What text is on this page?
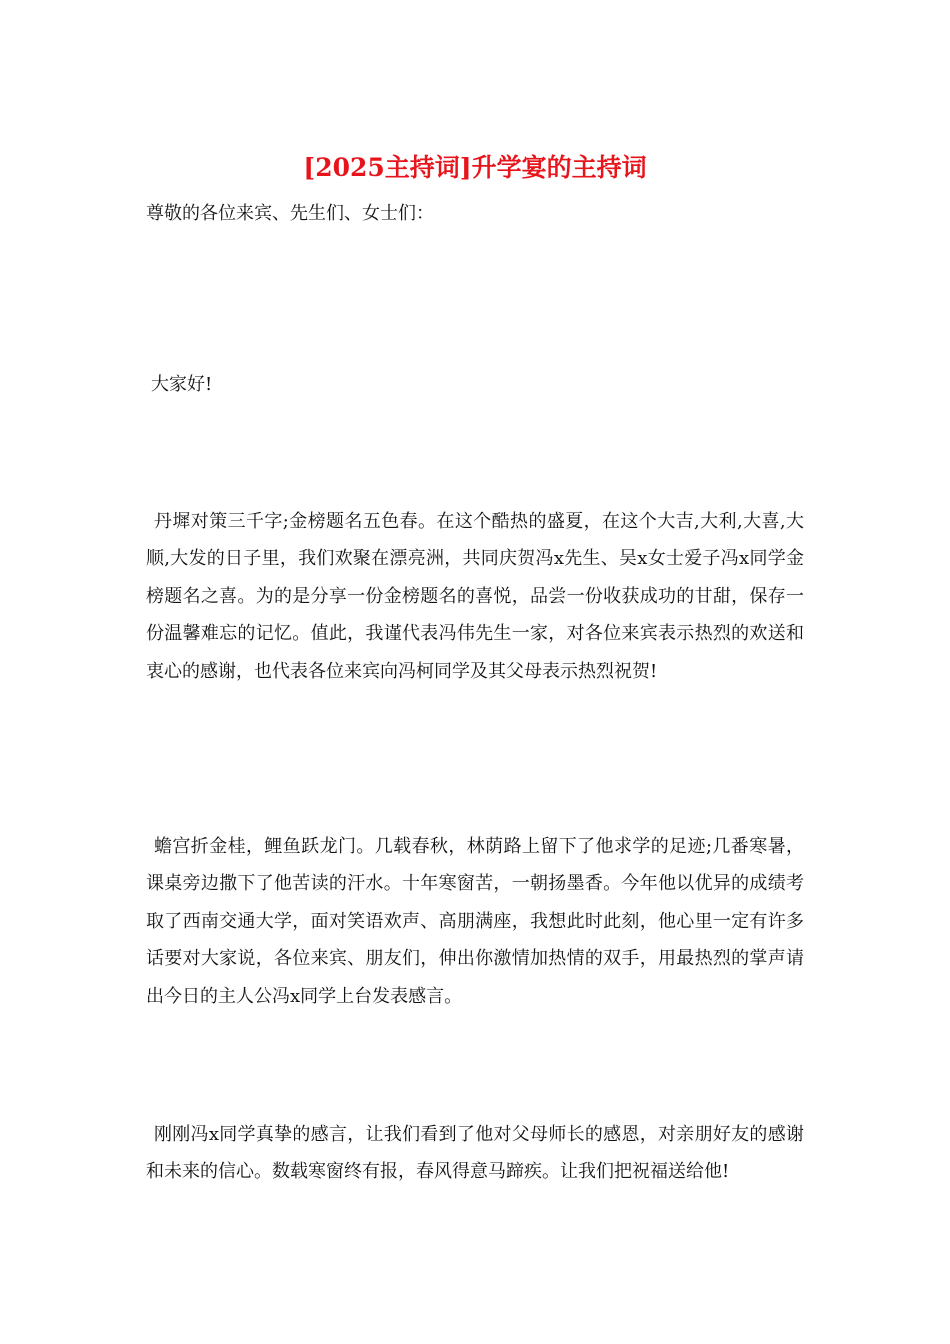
[2025主持词]升学宴的主持词

尊敬的各位来宾、先生们、女士们：

大家好!

丹墀对策三千字;金榜题名五色春。在这个酷热的盛夏，在这个大吉,大利,大喜,大顺,大发的日子里，我们欢聚在漂亮洲，共同庆贺冯x先生、吴x女士爱子冯x同学金榜题名之喜。为的是分享一份金榜题名的喜悦，品尝一份收获成功的甘甜，保存一份温馨难忘的记忆。值此，我谨代表冯伟先生一家，对各位来宾表示热烈的欢送和衷心的感谢，也代表各位来宾向冯柯同学及其父母表示热烈祝贺!

蟾宫折金桂，鲤鱼跃龙门。几载春秋，林荫路上留下了他求学的足迹;几番寒暑，课桌旁边撒下了他苦读的汗水。十年寒窗苦，一朝扬墨香。今年他以优异的成绩考取了西南交通大学，面对笑语欢声、高朋满座，我想此时此刻，他心里一定有许多话要对大家说，各位来宾、朋友们，伸出你激情加热情的双手，用最热烈的掌声请出今日的主人公冯x同学上台发表感言。

刚刚冯x同学真挚的感言，让我们看到了他对父母师长的感恩，对亲朋好友的感谢和未来的信心。数载寒窗终有报，春风得意马蹄疾。让我们把祝福送给他!
